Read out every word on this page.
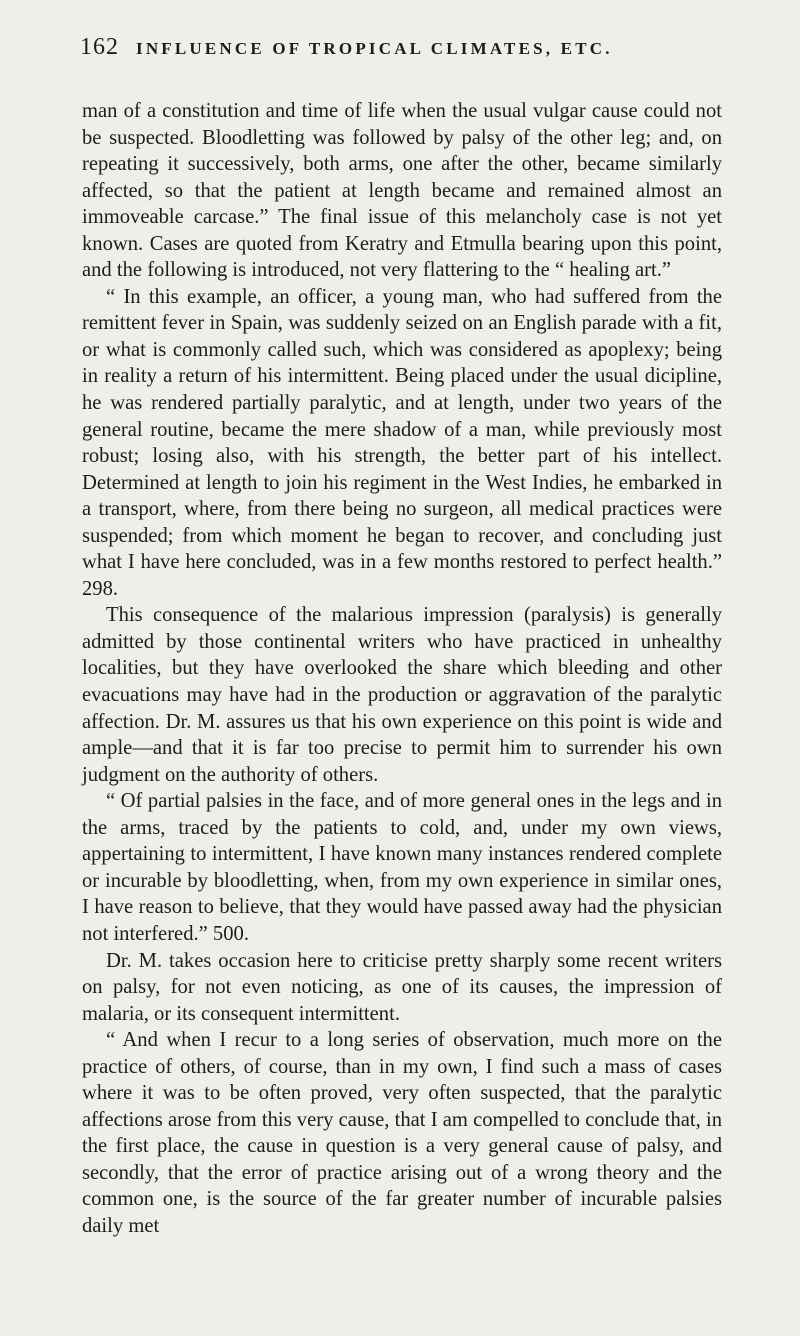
162	INFLUENCE OF TROPICAL CLIMATES, ETC.

man of a constitution and time of life when the usual vulgar cause could not be suspected. Bloodletting was followed by palsy of the other leg; and, on repeating it successively, both arms, one after the other, became similarly affected, so that the patient at length became and remained almost an immoveable carcase.” The final issue of this melancholy case is not yet known. Cases are quoted from Keratry and Etmulla bearing upon this point, and the following is introduced, not very flattering to the “ healing art.”

“ In this example, an officer, a young man, who had suffered from the remittent fever in Spain, was suddenly seized on an English parade with a fit, or what is commonly called such, which was considered as apoplexy; being in reality a return of his intermittent. Being placed under the usual dicipline, he was rendered partially paralytic, and at length, under two years of the general routine, became the mere shadow of a man, while previously most robust; losing also, with his strength, the better part of his intellect. Determined at length to join his regiment in the West Indies, he embarked in a transport, where, from there being no surgeon, all medical practices were suspended; from which moment he began to recover, and concluding just what I have here concluded, was in a few months restored to perfect health.” 298.

This consequence of the malarious impression (paralysis) is generally admitted by those continental writers who have practiced in unhealthy localities, but they have overlooked the share which bleeding and other evacuations may have had in the production or aggravation of the paralytic affection. Dr. M. assures us that his own experience on this point is wide and ample—and that it is far too precise to permit him to surrender his own judgment on the authority of others.

“ Of partial palsies in the face, and of more general ones in the legs and in the arms, traced by the patients to cold, and, under my own views, appertaining to intermittent, I have known many instances rendered complete or incurable by bloodletting, when, from my own experience in similar ones, I have reason to believe, that they would have passed away had the physician not interfered.” 500.

Dr. M. takes occasion here to criticise pretty sharply some recent writers on palsy, for not even noticing, as one of its causes, the impression of malaria, or its consequent intermittent.

“ And when I recur to a long series of observation, much more on the practice of others, of course, than in my own, I find such a mass of cases where it was to be often proved, very often suspected, that the paralytic affections arose from this very cause, that I am compelled to conclude that, in the first place, the cause in question is a very general cause of palsy, and secondly, that the error of practice arising out of a wrong theory and the common one, is the source of the far greater number of incurable palsies daily met
